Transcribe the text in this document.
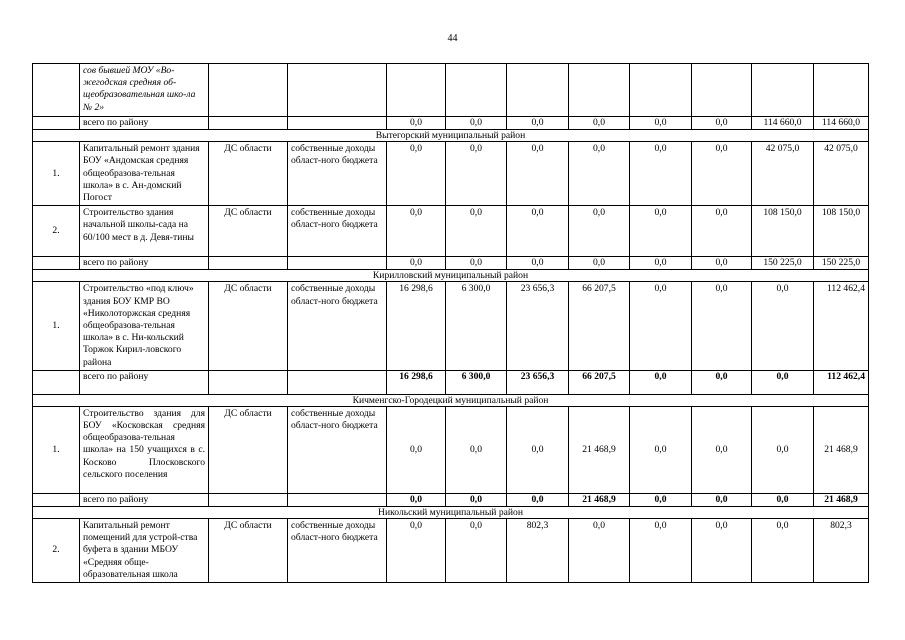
44
	сов бывшей МОУ «Во-жегодская средняя об-щеобразовательная шко-ла № 2»										
	всего по району			0,0	0,0	0,0	0,0	0,0	0,0	114 660,0	114 660,0
Вытегорский муниципальный район											
1.	Капитальный ремонт здания БОУ «Андомская средняя общеобразова-тельная школа» в с. Ан-домский Погост	ДС области	собственные доходы област-ного бюджета	0,0	0,0	0,0	0,0	0,0	0,0	42 075,0	42 075,0
2.	Строительство здания начальной школы-сада на 60/100 мест в д. Девя-тины	ДС области	собственные доходы област-ного бюджета	0,0	0,0	0,0	0,0	0,0	0,0	108 150,0	108 150,0
	всего по району			0,0	0,0	0,0	0,0	0,0	0,0	150 225,0	150 225,0
Кирилловский муниципальный район											
1.	Строительство «под ключ» здания БОУ КМР ВО «Николоторжская средняя общеобразова-тельная школа» в с. Ни-кольский Торжок Кирил-ловского района	ДС области	собственные доходы област-ного бюджета	16 298,6	6 300,0	23 656,3	66 207,5	0,0	0,0	0,0	112 462,4
	всего по району			16 298,6	6 300,0	23 656,3	66 207,5	0,0	0,0	0,0	112 462,4
Кичменгско-Городецкий муниципальный район											
1.	Строительство здания для БОУ «Косковская средняя общеобразова-тельная школа» на 150 учащихся в с. Косково Плосковского сельского поселения	ДС области	собственные доходы област-ного бюджета	0,0	0,0	0,0	21 468,9	0,0	0,0	0,0	21 468,9
	всего по району			0,0	0,0	0,0	21 468,9	0,0	0,0	0,0	21 468,9
Никольский муниципальный район											
2.	Капитальный ремонт помещений для устрой-ства буфета в здании МБОУ «Средняя обще-образовательная школа	ДС области	собственные доходы област-ного бюджета	0,0	0,0	802,3	0,0	0,0	0,0	0,0	802,3
